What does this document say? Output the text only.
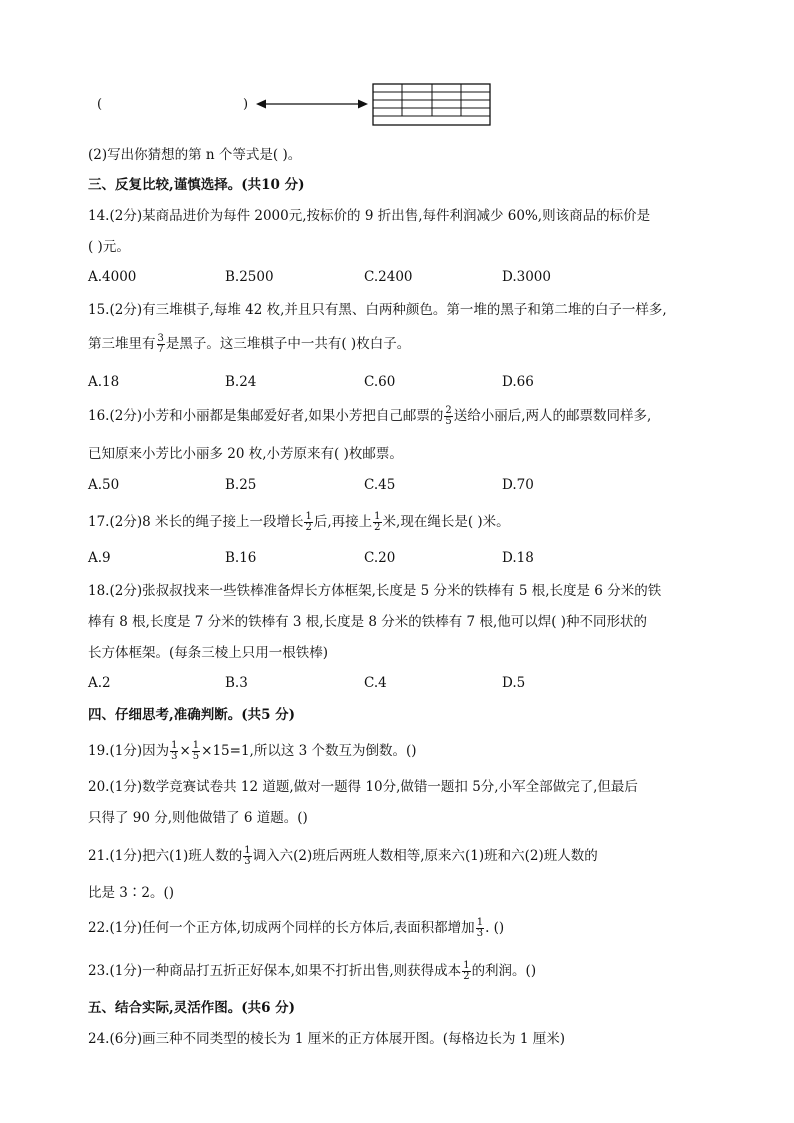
(	)
(2)写出你猜想的第 n 个等式是( )。
三、反复比较,谨慎选择。(共10 分)
14.(2分)某商品进价为每件 2000元,按标价的 9 折出售,每件利润减少 60%,则该商品的标价是
( )元。
A.4000	B.2500	C.2400	D.3000
15.(2分)有三堆棋子,每堆 42 枚,并且只有黑、白两种颜色。第一堆的黑子和第二堆的白子一样多,
第三堆里有 $\frac{3}{7}$ 是黑子。这三堆棋子中一共有( )枚白子。
A.18	B.24	C.60	D.66
16.(2分)小芳和小丽都是集邮爱好者,如果小芳把自己邮票的 $\frac{2}{5}$ 送给小丽后,两人的邮票数同样多,
已知原来小芳比小丽多 20 枚,小芳原来有( )枚邮票。
A.50	B.25	C.45	D.70
17.(2分)8 米长的绳子接上一段增长 $\frac{1}{2}$ 后,再接上 $\frac{1}{2}$ 米,现在绳长是( )米。
A.9	B.16	C.20	D.18
18.(2分)张叔叔找来一些铁棒准备焊长方体框架,长度是 5 分米的铁棒有 5 根,长度是 6 分米的铁
棒有 8 根,长度是 7 分米的铁棒有 3 根,长度是 8 分米的铁棒有 7 根,他可以焊( )种不同形状的
长方体框架。(每条三棱上只用一根铁棒)
A.2	B.3	C.4	D.5
四、仔细思考,准确判断。(共5 分)
19.(1分)因为 $\frac{1}{3} \times \frac{1}{5} \times 15=1$,所以这 3 个数互为倒数。()
20.(1分)数学竞赛试卷共 12 道题,做对一题得 10分,做错一题扣 5分,小军全部做完了,但最后
只得了 90 分,则他做错了 6 道题。()
21.(1分)把六(1)班人数的 $\frac{1}{3}$ 调入六(2)班后两班人数相等,原来六(1)班和六(2)班人数的
比是 3∶2。()
22.(1分)任何一个正方体,切成两个同样的长方体后,表面积都增加 $\frac{1}{3}$ . ()
23.(1分)一种商品打五折正好保本,如果不打折出售,则获得成本 $\frac{1}{2}$ 的利润。()
五、结合实际,灵活作图。(共6 分)
24.(6分)画三种不同类型的棱长为 1 厘米的正方体展开图。(每格边长为 1 厘米)
